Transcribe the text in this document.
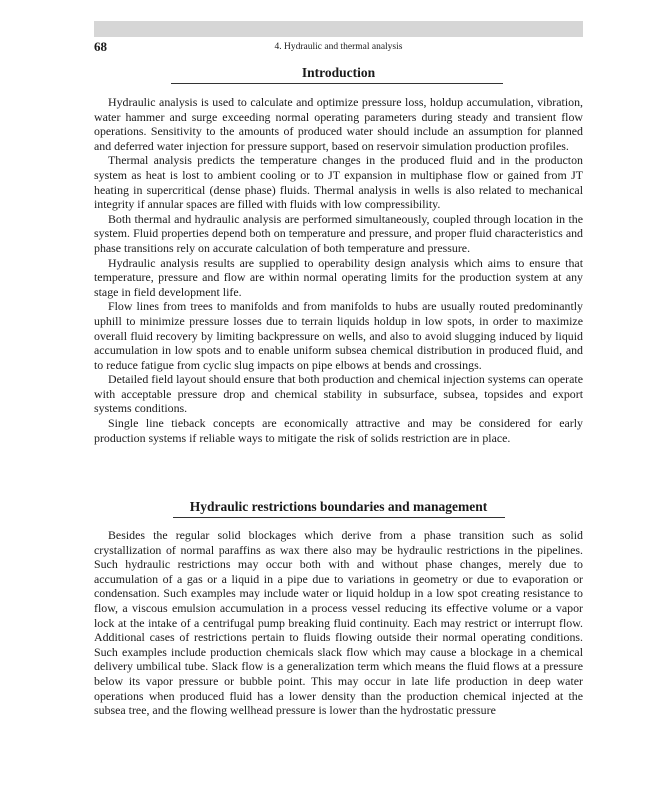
68	4. Hydraulic and thermal analysis
Introduction

Hydraulic analysis is used to calculate and optimize pressure loss, holdup accumulation, vibration, water hammer and surge exceeding normal operating parameters during steady and transient flow operations. Sensitivity to the amounts of produced water should include an assumption for planned and deferred water injection for pressure support, based on reservoir simulation production profiles.

Thermal analysis predicts the temperature changes in the produced fluid and in the producton system as heat is lost to ambient cooling or to JT expansion in multiphase flow or gained from JT heating in supercritical (dense phase) fluids. Thermal analysis in wells is also related to mechanical integrity if annular spaces are filled with fluids with low compressibility.

Both thermal and hydraulic analysis are performed simultaneously, coupled through location in the system. Fluid properties depend both on temperature and pressure, and proper fluid characteristics and phase transitions rely on accurate calculation of both temperature and pressure.

Hydraulic analysis results are supplied to operability design analysis which aims to ensure that temperature, pressure and flow are within normal operating limits for the production system at any stage in field development life.

Flow lines from trees to manifolds and from manifolds to hubs are usually routed predominantly uphill to minimize pressure losses due to terrain liquids holdup in low spots, in order to maximize overall fluid recovery by limiting backpressure on wells, and also to avoid slugging induced by liquid accumulation in low spots and to enable uniform subsea chemical distribution in produced fluid, and to reduce fatigue from cyclic slug impacts on pipe elbows at bends and crossings.

Detailed field layout should ensure that both production and chemical injection systems can operate with acceptable pressure drop and chemical stability in subsurface, subsea, topsides and export systems conditions.

Single line tieback concepts are economically attractive and may be considered for early production systems if reliable ways to mitigate the risk of solids restriction are in place.

Hydraulic restrictions boundaries and management

Besides the regular solid blockages which derive from a phase transition such as solid crystallization of normal paraffins as wax there also may be hydraulic restrictions in the pipelines. Such hydraulic restrictions may occur both with and without phase changes, merely due to accumulation of a gas or a liquid in a pipe due to variations in geometry or due to evaporation or condensation. Such examples may include water or liquid holdup in a low spot creating resistance to flow, a viscous emulsion accumulation in a process vessel reducing its effective volume or a vapor lock at the intake of a centrifugal pump breaking fluid continuity. Each may restrict or interrupt flow. Additional cases of restrictions pertain to fluids flowing outside their normal operating conditions. Such examples include production chemicals slack flow which may cause a blockage in a chemical delivery umbilical tube. Slack flow is a generalization term which means the fluid flows at a pressure below its vapor pressure or bubble point. This may occur in late life production in deep water operations when produced fluid has a lower density than the production chemical injected at the subsea tree, and the flowing wellhead pressure is lower than the hydrostatic pressure
